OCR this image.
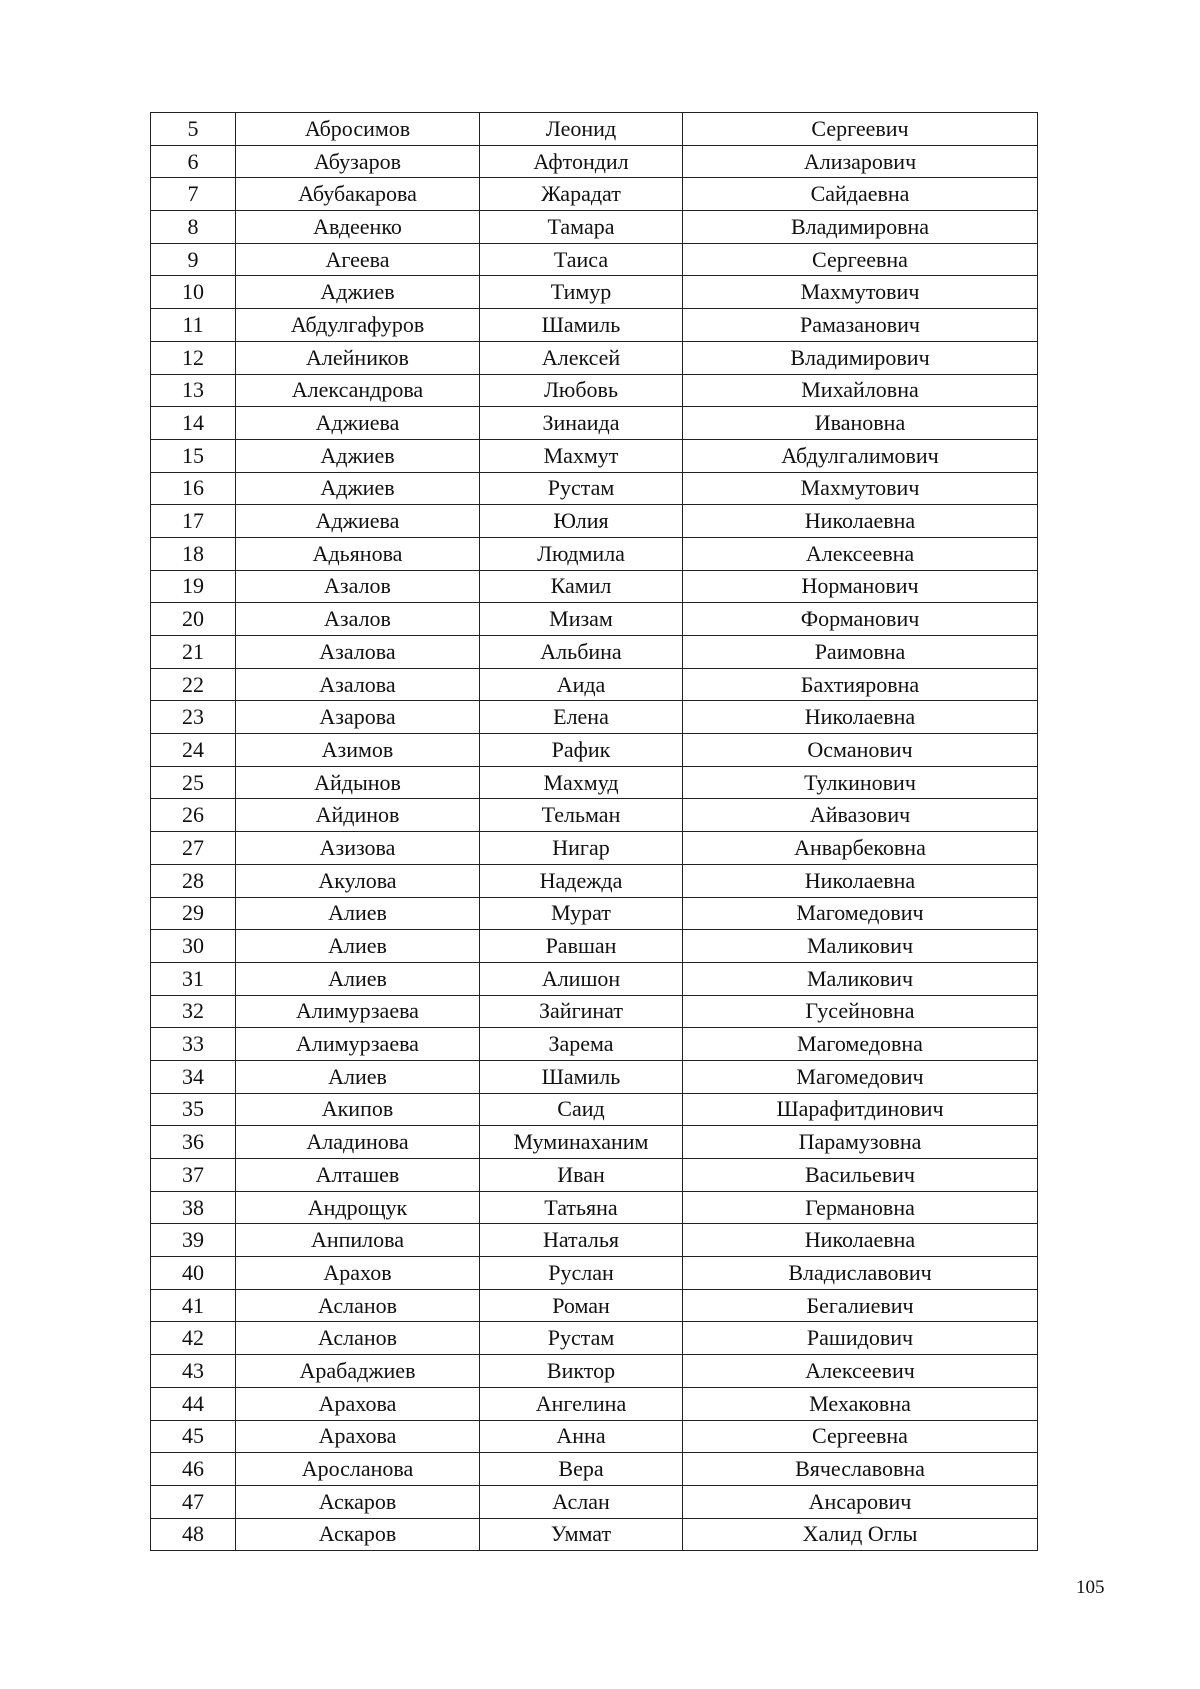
5	Абросимов	Леонид	Сергеевич
6	Абузаров	Афтондил	Ализарович
7	Абубакарова	Жарадат	Сайдаевна
8	Авдеенко	Тамара	Владимировна
9	Агеева	Таиса	Сергеевна
10	Аджиев	Тимур	Махмутович
11	Абдулгафуров	Шамиль	Рамазанович
12	Алейников	Алексей	Владимирович
13	Александрова	Любовь	Михайловна
14	Аджиева	Зинаида	Ивановна
15	Аджиев	Махмут	Абдулгалимович
16	Аджиев	Рустам	Махмутович
17	Аджиева	Юлия	Николаевна
18	Адьянова	Людмила	Алексеевна
19	Азалов	Камил	Норманович
20	Азалов	Мизам	Форманович
21	Азалова	Альбина	Раимовна
22	Азалова	Аида	Бахтияровна
23	Азарова	Елена	Николаевна
24	Азимов	Рафик	Османович
25	Айдынов	Махмуд	Тулкинович
26	Айдинов	Тельман	Айвазович
27	Азизова	Нигар	Анварбековна
28	Акулова	Надежда	Николаевна
29	Алиев	Мурат	Магомедович
30	Алиев	Равшан	Маликович
31	Алиев	Алишон	Маликович
32	Алимурзаева	Зайгинат	Гусейновна
33	Алимурзаева	Зарема	Магомедовна
34	Алиев	Шамиль	Магомедович
35	Акипов	Саид	Шарафитдинович
36	Аладинова	Муминаханим	Парамузовна
37	Алташев	Иван	Васильевич
38	Андрощук	Татьяна	Германовна
39	Анпилова	Наталья	Николаевна
40	Арахов	Руслан	Владиславович
41	Асланов	Роман	Бегалиевич
42	Асланов	Рустам	Рашидович
43	Арабаджиев	Виктор	Алексеевич
44	Арахова	Ангелина	Мехаковна
45	Арахова	Анна	Сергеевна
46	Аросланова	Вера	Вячеславовна
47	Аскаров	Аслан	Ансарович
48	Аскаров	Уммат	Халид Оглы
105
